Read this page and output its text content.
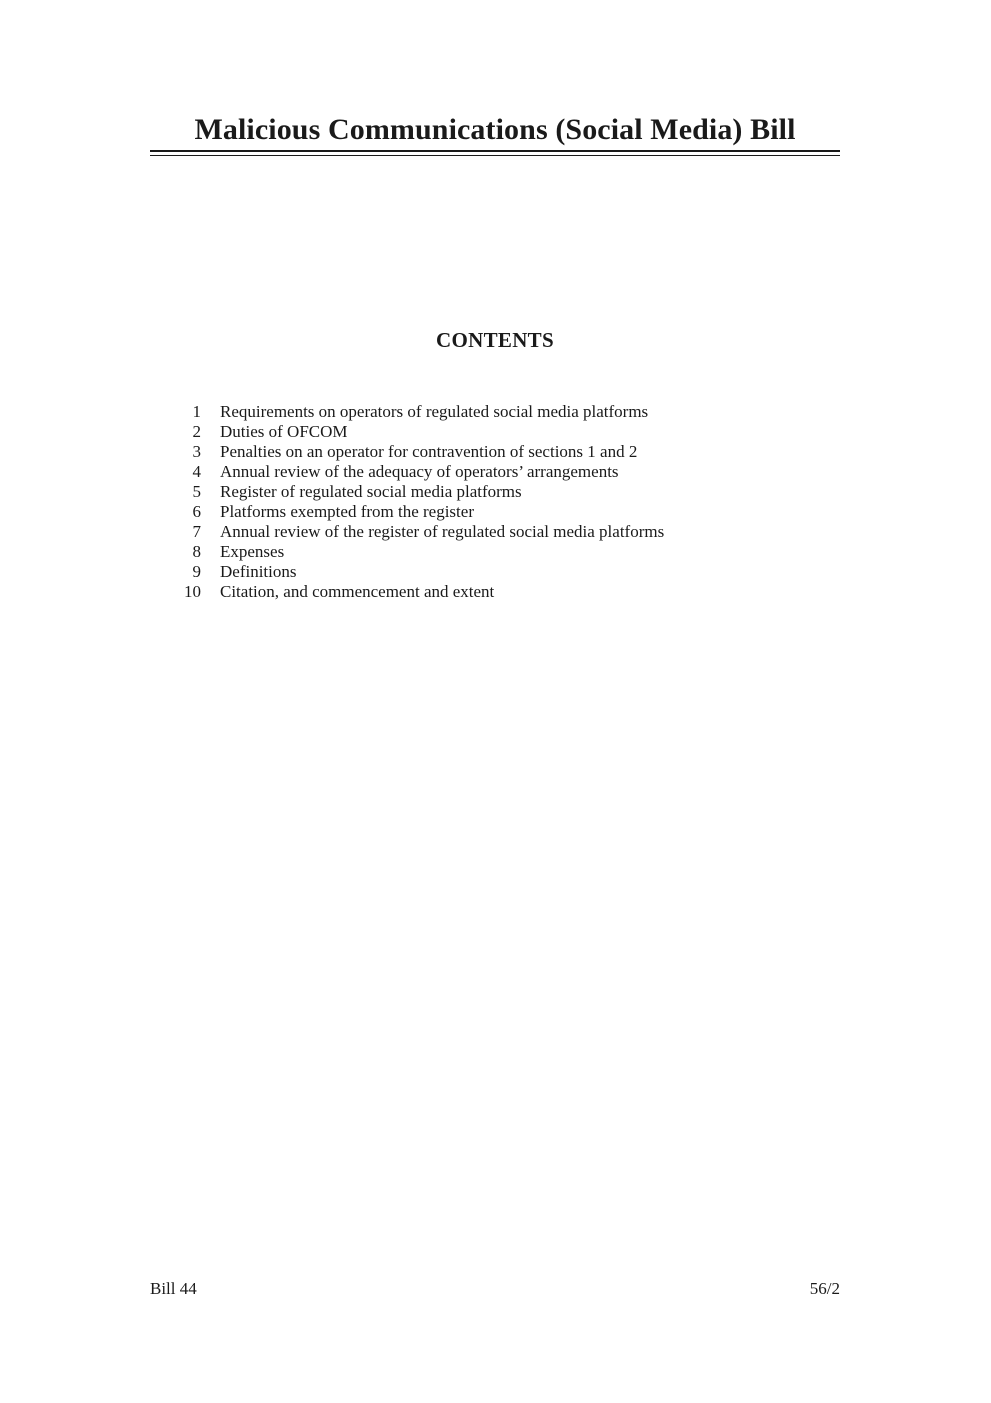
Malicious Communications (Social Media) Bill
CONTENTS
1 Requirements on operators of regulated social media platforms
2 Duties of OFCOM
3 Penalties on an operator for contravention of sections 1 and 2
4 Annual review of the adequacy of operators’ arrangements
5 Register of regulated social media platforms
6 Platforms exempted from the register
7 Annual review of the register of regulated social media platforms
8 Expenses
9 Definitions
10 Citation, and commencement and extent
Bill 44	56/2
